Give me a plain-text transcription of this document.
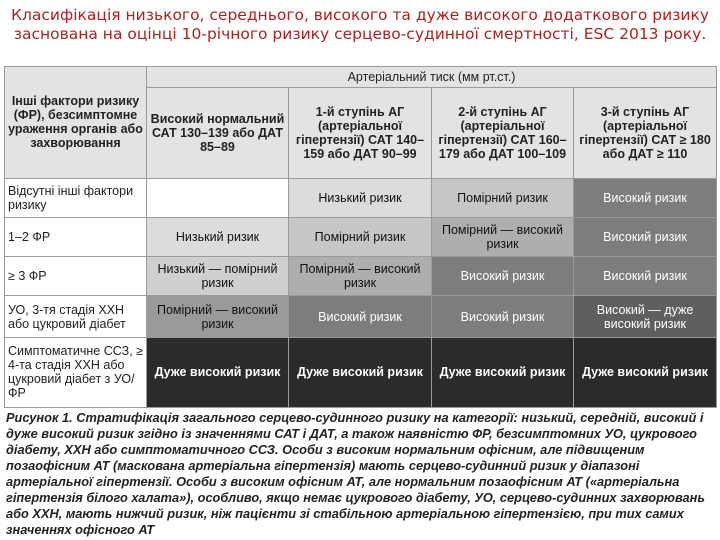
Класифікація низького, середнього, високого та дуже високого додаткового ризику
заснована на оцінці 10-річного ризику серцево-судинної смертності, ESC 2013 року.
Інші фактори ризику (ФР), безсимптомне ураження органів або захворювання	Артеріальний тиск (мм рт.ст.)			
	Високий нормальний САТ 130–139 або ДАТ 85–89	1-й ступінь АГ (артеріальної гіпертензії) САТ 140–159 або ДАТ 90–99	2-й ступінь АГ (артеріальної гіпертензії) САТ 160–179 або ДАТ 100–109	3-й ступінь АГ (артеріальної гіпертензії) САТ ≥ 180 або ДАТ ≥ 110
Відсутні інші фактори ризику		Низький ризик	Помірний ризик	Високий ризик
1–2 ФР	Низький ризик	Помірний ризик	Помірний — високий ризик	Високий ризик
≥ 3 ФР	Низький — помірний ризик	Помірний — високий ризик	Високий ризик	Високий ризик
УО, 3-тя стадія ХХН або цукровий діабет	Помірний — високий ризик	Високий ризик	Високий ризик	Високий — дуже високий ризик
Симптоматичне ССЗ, ≥ 4-та стадія ХХН або цукровий діабет з УО/ФР	Дуже високий ризик	Дуже високий ризик	Дуже високий ризик	Дуже високий ризик
Рисунок 1. Стратифікація загального серцево-судинного ризику на категорії: низький, середній, високий і дуже високий ризик згідно із значеннями САТ і ДАТ, а також наявністю ФР, безсимптомних УО, цукрового діабету, ХХН або симптоматичного ССЗ. Особи з високим нормальним офісним, але підвищеним позаофісним АТ (маскована артеріальна гіпертензія) мають серцево-судинний ризик у діапазоні артеріальної гіпертензії. Особи з високим офісним АТ, але нормальним позаофісним АТ («артеріальна гіпертензія білого халата»), особливо, якщо немає цукрового діабету, УО, серцево-судинних захворювань або ХХН, мають нижчий ризик, ніж пацієнти зі стабільною артеріальною гіпертензією, при тих самих значеннях офісного АТ
